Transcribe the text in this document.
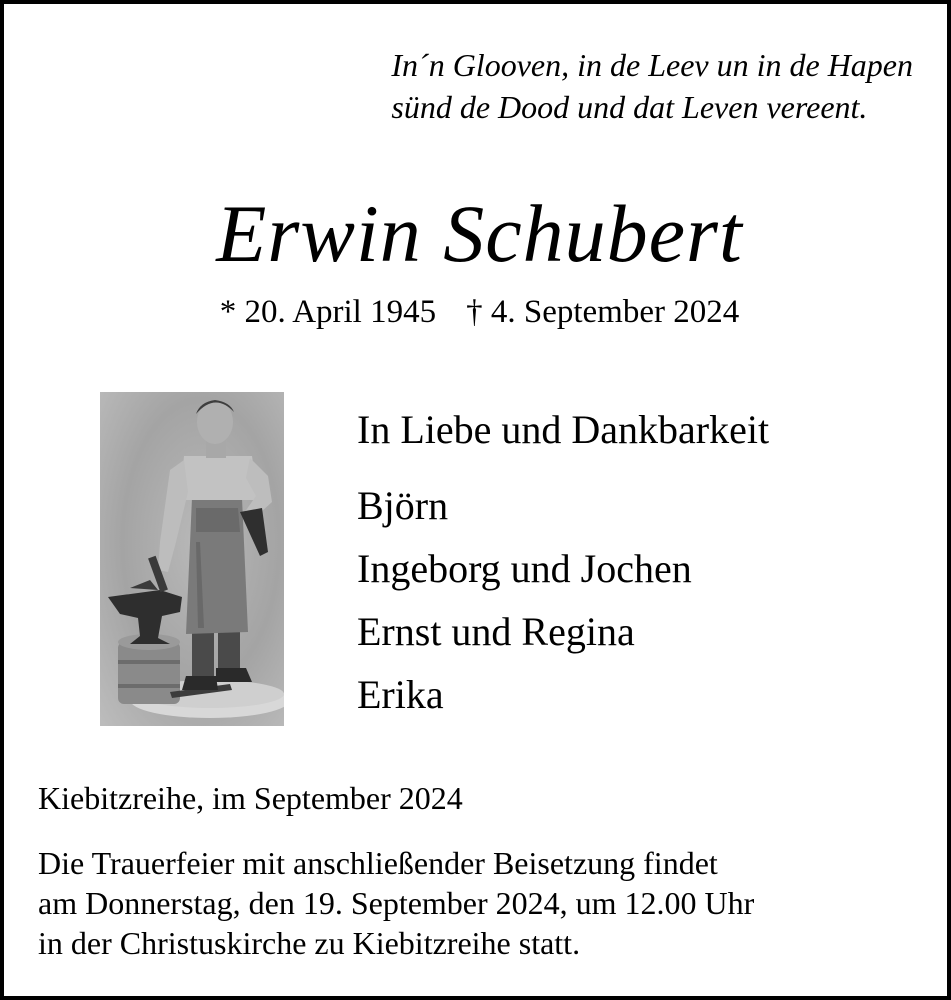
In´n Glooven, in de Leev un in de Hapen
sünd de Dood und dat Leven vereent.
Erwin Schubert
* 20. April 1945 † 4. September 2024
In Liebe und Dankbarkeit
Björn
Ingeborg und Jochen
Ernst und Regina
Erika
Kiebitzreihe, im September 2024
Die Trauerfeier mit anschließender Beisetzung findet
am Donnerstag, den 19. September 2024, um 12.00 Uhr
in der Christuskirche zu Kiebitzreihe statt.
